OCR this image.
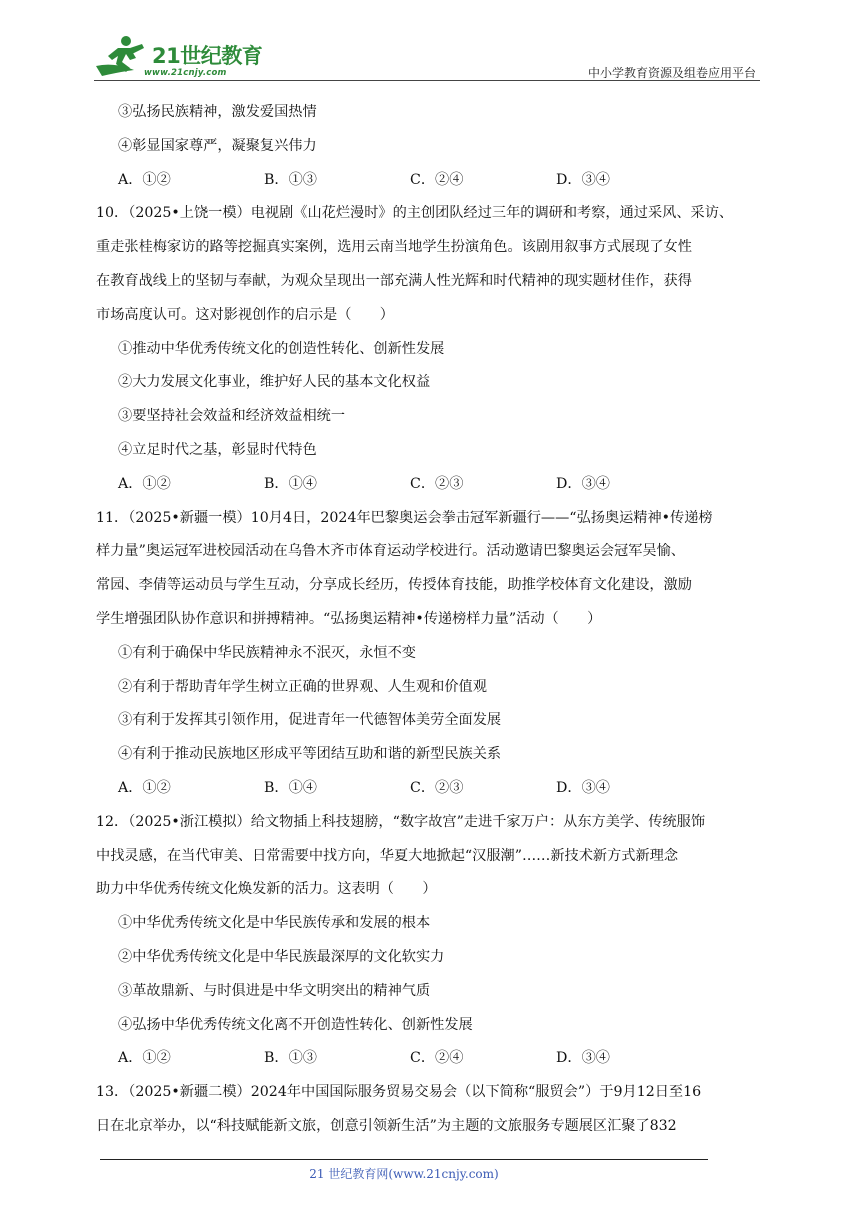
21世纪教育
www.21cnjy.com	中小学教育资源及组卷应用平台
③弘扬民族精神，激发爱国热情
④彰显国家尊严，凝聚复兴伟力
A．①②	B．①③	C．②④	D．③④
10．（2025•上饶一模）电视剧《山花烂漫时》的主创团队经过三年的调研和考察，通过采风、采访、
重走张桂梅家访的路等挖掘真实案例，选用云南当地学生扮演角色。该剧用叙事方式展现了女性
在教育战线上的坚韧与奉献，为观众呈现出一部充满人性光辉和时代精神的现实题材佳作，获得
市场高度认可。这对影视创作的启示是（　　）
①推动中华优秀传统文化的创造性转化、创新性发展
②大力发展文化事业，维护好人民的基本文化权益
③要坚持社会效益和经济效益相统一
④立足时代之基，彰显时代特色
A．①②	B．①④	C．②③	D．③④
11．（2025•新疆一模）10月4日，2024年巴黎奥运会拳击冠军新疆行——“弘扬奥运精神•传递榜
样力量”奥运冠军进校园活动在乌鲁木齐市体育运动学校进行。活动邀请巴黎奥运会冠军吴愉、
常园、李倩等运动员与学生互动，分享成长经历，传授体育技能，助推学校体育文化建设，激励
学生增强团队协作意识和拼搏精神。“弘扬奥运精神•传递榜样力量”活动（　　）
①有利于确保中华民族精神永不泯灭，永恒不变
②有利于帮助青年学生树立正确的世界观、人生观和价值观
③有利于发挥其引领作用，促进青年一代德智体美劳全面发展
④有利于推动民族地区形成平等团结互助和谐的新型民族关系
A．①②	B．①④	C．②③	D．③④
12．（2025•浙江模拟）给文物插上科技翅膀，“数字故宫”走进千家万户：从东方美学、传统服饰
中找灵感，在当代审美、日常需要中找方向，华夏大地掀起“汉服潮”……新技术新方式新理念
助力中华优秀传统文化焕发新的活力。这表明（　　）
①中华优秀传统文化是中华民族传承和发展的根本
②中华优秀传统文化是中华民族最深厚的文化软实力
③革故鼎新、与时俱进是中华文明突出的精神气质
④弘扬中华优秀传统文化离不开创造性转化、创新性发展
A．①②	B．①③	C．②④	D．③④
13．（2025•新疆二模）2024年中国国际服务贸易交易会（以下简称“服贸会”）于9月12日至16
日在北京举办，以“科技赋能新文旅，创意引领新生活”为主题的文旅服务专题展区汇聚了832
21 世纪教育网(www.21cnjy.com)
